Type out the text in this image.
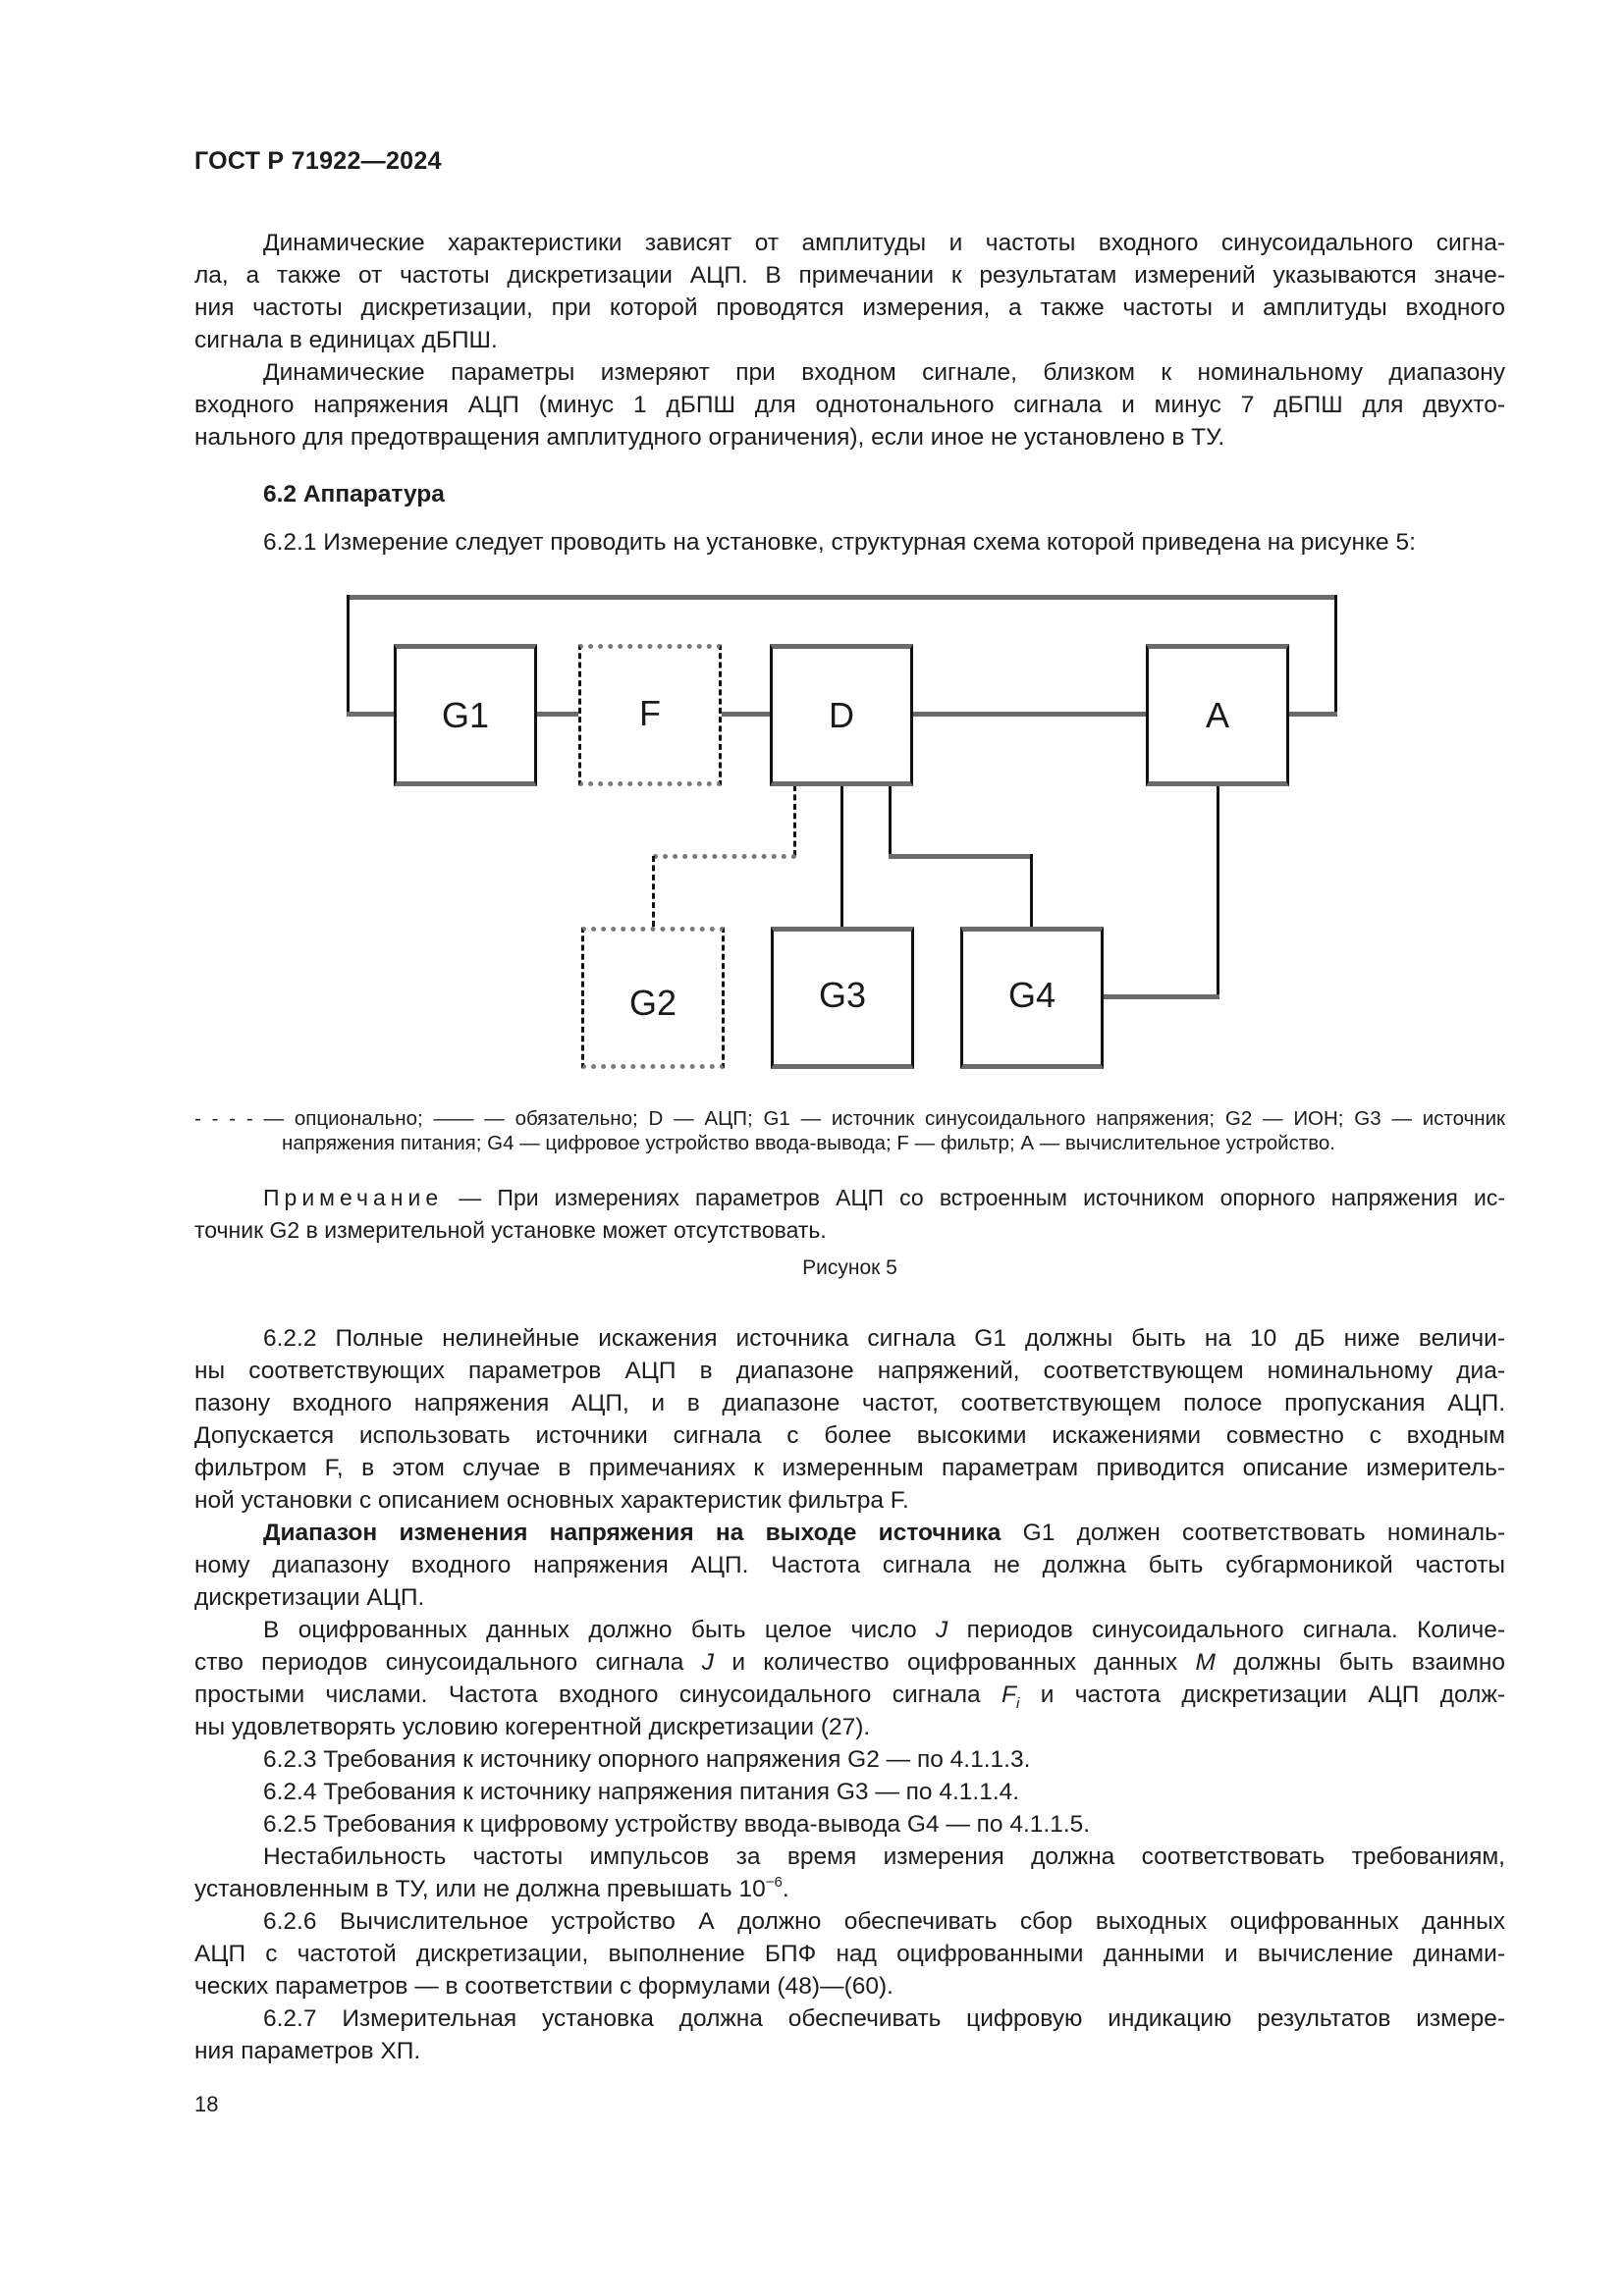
ГОСТ Р 71922—2024
Динамические характеристики зависят от амплитуды и частоты входного синусоидального сигна-
ла, а также от частоты дискретизации АЦП. В примечании к результатам измерений указываются значе-
ния частоты дискретизации, при которой проводятся измерения, а также частоты и амплитуды входного
сигнала в единицах дБПШ.
Динамические параметры измеряют при входном сигнале, близком к номинальному диапазону
входного напряжения АЦП (минус 1 дБПШ для однотонального сигнала и минус 7 дБПШ для двухто-
нального для предотвращения амплитудного ограничения), если иное не установлено в ТУ.
6.2 Аппаратура
6.2.1 Измерение следует проводить на установке, структурная схема которой приведена на рисунке 5:
G1	F	D	A
G2	G3	G4
- - - - — опционально; —— — обязательно; D — АЦП; G1 — источник синусоидального напряжения; G2 — ИОН; G3 — источник
напряжения питания; G4 — цифровое устройство ввода-вывода; F — фильтр; А — вычислительное устройство.
Примечание — При измерениях параметров АЦП со встроенным источником опорного напряжения ис-
точник G2 в измерительной установке может отсутствовать.
Рисунок 5
6.2.2 Полные нелинейные искажения источника сигнала G1 должны быть на 10 дБ ниже величи-
ны соответствующих параметров АЦП в диапазоне напряжений, соответствующем номинальному диа-
пазону входного напряжения АЦП, и в диапазоне частот, соответствующем полосе пропускания АЦП.
Допускается использовать источники сигнала с более высокими искажениями совместно с входным
фильтром F, в этом случае в примечаниях к измеренным параметрам приводится описание измеритель-
ной установки с описанием основных характеристик фильтра F.
Диапазон изменения напряжения на выходе источника G1 должен соответствовать номиналь-
ному диапазону входного напряжения АЦП. Частота сигнала не должна быть субгармоникой частоты
дискретизации АЦП.
В оцифрованных данных должно быть целое число J периодов синусоидального сигнала. Количе-
ство периодов синусоидального сигнала J и количество оцифрованных данных M должны быть взаимно
простыми числами. Частота входного синусоидального сигнала $F_i$ и частота дискретизации АЦП долж-
ны удовлетворять условию когерентной дискретизации (27).
6.2.3 Требования к источнику опорного напряжения G2 — по 4.1.1.3.
6.2.4 Требования к источнику напряжения питания G3 — по 4.1.1.4.
6.2.5 Требования к цифровому устройству ввода-вывода G4 — по 4.1.1.5.
Нестабильность частоты импульсов за время измерения должна соответствовать требованиям,
установленным в ТУ, или не должна превышать $10^{-6}$.
6.2.6 Вычислительное устройство А должно обеспечивать сбор выходных оцифрованных данных
АЦП с частотой дискретизации, выполнение БПФ над оцифрованными данными и вычисление динами-
ческих параметров — в соответствии с формулами (48)—(60).
6.2.7 Измерительная установка должна обеспечивать цифровую индикацию результатов измере-
ния параметров ХП.
18
